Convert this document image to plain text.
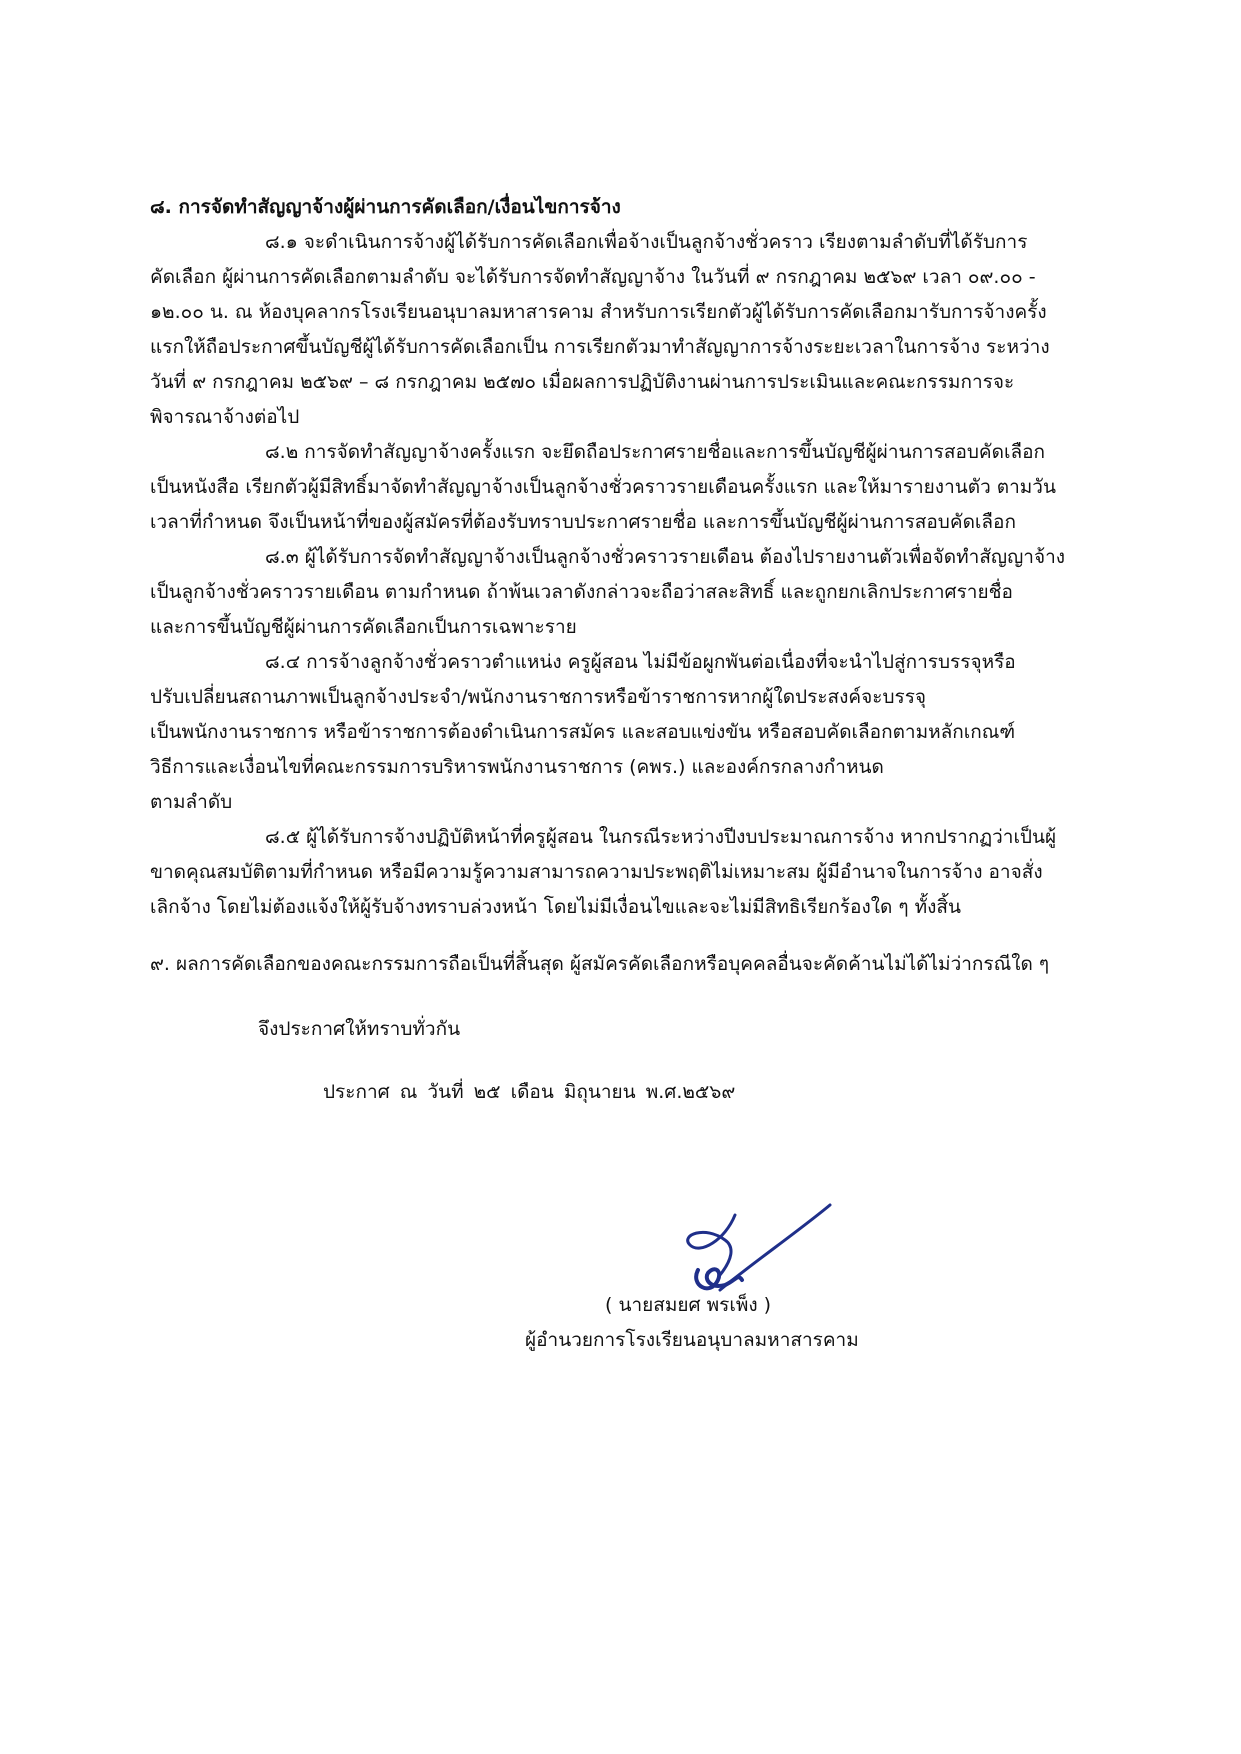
๘. การจัดทำสัญญาจ้างผู้ผ่านการคัดเลือก/เงื่อนไขการจ้าง

๘.๑ จะดำเนินการจ้างผู้ได้รับการคัดเลือกเพื่อจ้างเป็นลูกจ้างชั่วคราว เรียงตามลำดับที่ได้รับการ
คัดเลือก ผู้ผ่านการคัดเลือกตามลำดับ จะได้รับการจัดทำสัญญาจ้าง ในวันที่ ๙ กรกฎาคม ๒๕๖๙ เวลา ๐๙.๐๐ -
๑๒.๐๐ น. ณ ห้องบุคลากรโรงเรียนอนุบาลมหาสารคาม สำหรับการเรียกตัวผู้ได้รับการคัดเลือกมารับการจ้างครั้ง
แรกให้ถือประกาศขึ้นบัญชีผู้ได้รับการคัดเลือกเป็น การเรียกตัวมาทำสัญญาการจ้างระยะเวลาในการจ้าง ระหว่าง
วันที่ ๙ กรกฎาคม ๒๕๖๙ – ๘ กรกฎาคม ๒๕๗๐ เมื่อผลการปฏิบัติงานผ่านการประเมินและคณะกรรมการจะ
พิจารณาจ้างต่อไป

๘.๒ การจัดทำสัญญาจ้างครั้งแรก จะยึดถือประกาศรายชื่อและการขึ้นบัญชีผู้ผ่านการสอบคัดเลือก
เป็นหนังสือ เรียกตัวผู้มีสิทธิ์มาจัดทำสัญญาจ้างเป็นลูกจ้างชั่วคราวรายเดือนครั้งแรก และให้มารายงานตัว ตามวัน
เวลาที่กำหนด จึงเป็นหน้าที่ของผู้สมัครที่ต้องรับทราบประกาศรายชื่อ และการขึ้นบัญชีผู้ผ่านการสอบคัดเลือก

๘.๓ ผู้ได้รับการจัดทำสัญญาจ้างเป็นลูกจ้างชั่วคราวรายเดือน ต้องไปรายงานตัวเพื่อจัดทำสัญญาจ้าง
เป็นลูกจ้างชั่วคราวรายเดือน ตามกำหนด ถ้าพ้นเวลาดังกล่าวจะถือว่าสละสิทธิ์ และถูกยกเลิกประกาศรายชื่อ
และการขึ้นบัญชีผู้ผ่านการคัดเลือกเป็นการเฉพาะราย

๘.๔ การจ้างลูกจ้างชั่วคราวตำแหน่ง ครูผู้สอน ไม่มีข้อผูกพันต่อเนื่องที่จะนำไปสู่การบรรจุหรือ
ปรับเปลี่ยนสถานภาพเป็นลูกจ้างประจำ/พนักงานราชการหรือข้าราชการหากผู้ใดประสงค์จะบรรจุ
เป็นพนักงานราชการ หรือข้าราชการต้องดำเนินการสมัคร และสอบแข่งขัน หรือสอบคัดเลือกตามหลักเกณฑ์
วิธีการและเงื่อนไขที่คณะกรรมการบริหารพนักงานราชการ (คพร.) และองค์กรกลางกำหนด
ตามลำดับ

๘.๕ ผู้ได้รับการจ้างปฏิบัติหน้าที่ครูผู้สอน ในกรณีระหว่างปีงบประมาณการจ้าง หากปรากฏว่าเป็นผู้
ขาดคุณสมบัติตามที่กำหนด หรือมีความรู้ความสามารถความประพฤติไม่เหมาะสม ผู้มีอำนาจในการจ้าง อาจสั่ง
เลิกจ้าง โดยไม่ต้องแจ้งให้ผู้รับจ้างทราบล่วงหน้า โดยไม่มีเงื่อนไขและจะไม่มีสิทธิเรียกร้องใด ๆ ทั้งสิ้น

๙. ผลการคัดเลือกของคณะกรรมการถือเป็นที่สิ้นสุด ผู้สมัครคัดเลือกหรือบุคคลอื่นจะคัดค้านไม่ได้ไม่ว่ากรณีใด ๆ

จึงประกาศให้ทราบทั่วกัน
ประกาศ ณ วันที่ ๒๕ เดือน มิถุนายน พ.ศ.๒๕๖๙
( นายสมยศ พรเพ็ง )
ผู้อำนวยการโรงเรียนอนุบาลมหาสารคาม
